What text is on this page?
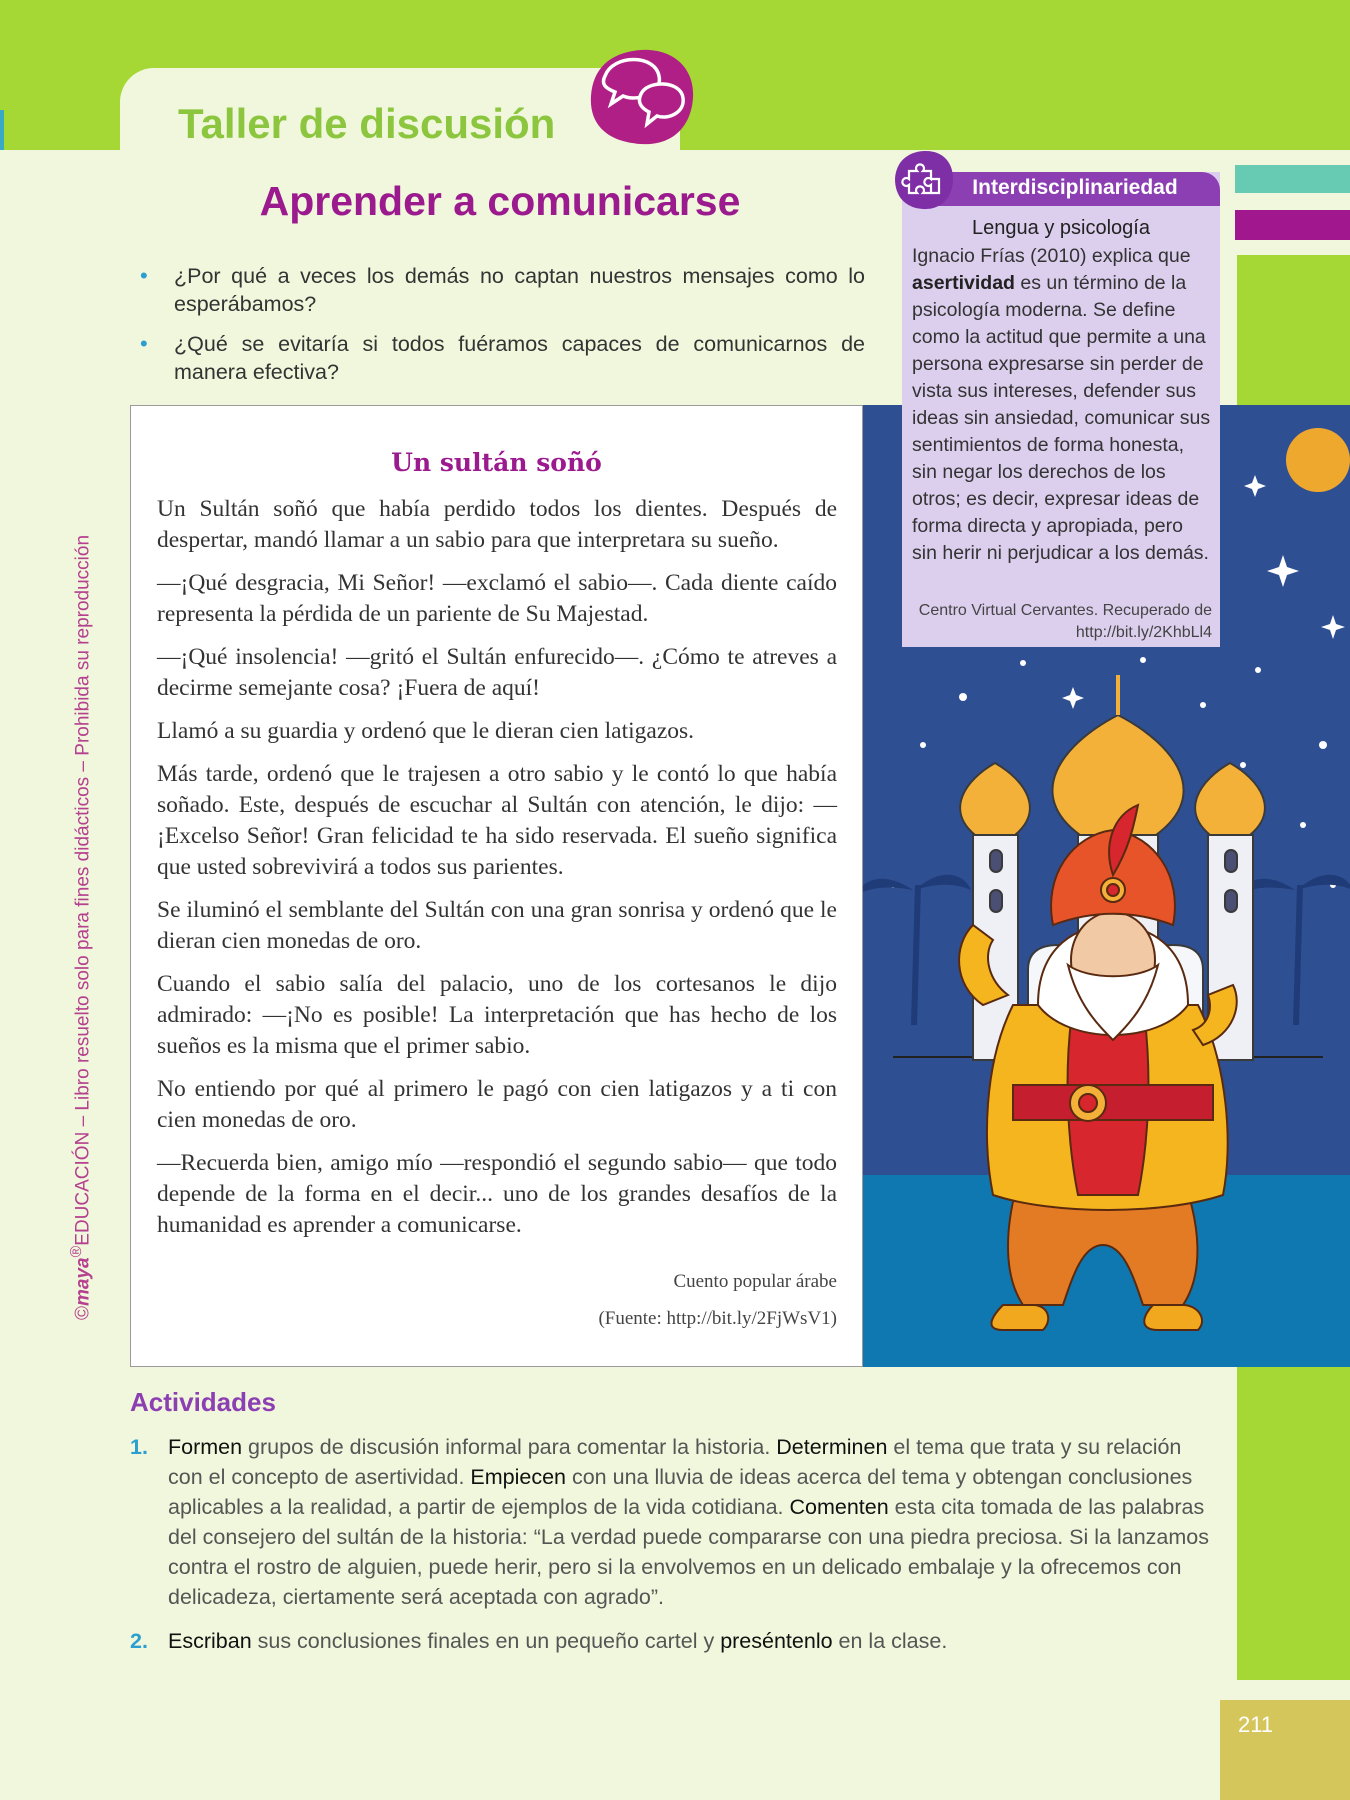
Taller de discusión

211

Aprender a comunicarse
• ¿Por qué a veces los demás no captan nuestros mensajes como lo esperábamos?
• ¿Qué se evitaría si todos fuéramos capaces de comunicarnos de manera efectiva?
Un sultán soñó

Un Sultán soñó que había perdido todos los dientes. Después de despertar, mandó llamar a un sabio para que interpretara su sueño.

—¡Qué desgracia, Mi Señor! —exclamó el sabio—. Cada diente caído representa la pérdida de un pariente de Su Majestad.

—¡Qué insolencia! —gritó el Sultán enfurecido—. ¿Cómo te atreves a decirme semejante cosa? ¡Fuera de aquí!

Llamó a su guardia y ordenó que le dieran cien latigazos.

Más tarde, ordenó que le trajesen a otro sabio y le contó lo que había soñado. Este, después de escuchar al Sultán con atención, le dijo: —¡Excelso Señor! Gran felicidad te ha sido reservada. El sueño significa que usted sobrevivirá a todos sus parientes.

Se iluminó el semblante del Sultán con una gran sonrisa y ordenó que le dieran cien monedas de oro.

Cuando el sabio salía del palacio, uno de los cortesanos le dijo admirado: —¡No es posible! La interpretación que has hecho de los sueños es la misma que el primer sabio.

No entiendo por qué al primero le pagó con cien latigazos y a ti con cien monedas de oro.

—Recuerda bien, amigo mío —respondió el segundo sabio— que todo depende de la forma en el decir... uno de los grandes desafíos de la humanidad es aprender a comunicarse.

Cuento popular árabe
(Fuente: http://bit.ly/2FjWsV1)

Interdisciplinariedad

Lengua y psicología

Ignacio Frías (2010) explica que asertividad es un término de la psicología moderna. Se define como la actitud que permite a una persona expresarse sin perder de vista sus intereses, defender sus ideas sin ansiedad, comunicar sus sentimientos de forma honesta, sin negar los derechos de los otros; es decir, expresar ideas de forma directa y apropiada, pero sin herir ni perjudicar a los demás.

Centro Virtual Cervantes. Recuperado de
http://bit.ly/2KhbLl4
Actividades
1. Formen grupos de discusión informal para comentar la historia. Determinen el tema que trata y su relación con el concepto de asertividad. Empiecen con una lluvia de ideas acerca del tema y obtengan conclusiones aplicables a la realidad, a partir de ejemplos de la vida cotidiana. Comenten esta cita tomada de las palabras del consejero del sultán de la historia: “La verdad puede compararse con una piedra preciosa. Si la lanzamos contra el rostro de alguien, puede herir, pero si la envolvemos en un delicado embalaje y la ofrecemos con delicadeza, ciertamente será aceptada con agrado”.
2. Escriban sus conclusiones finales en un pequeño cartel y preséntenlo en la clase.
©maya®EDUCACIÓN – Libro resuelto solo para fines didácticos – Prohibida su reproducción
